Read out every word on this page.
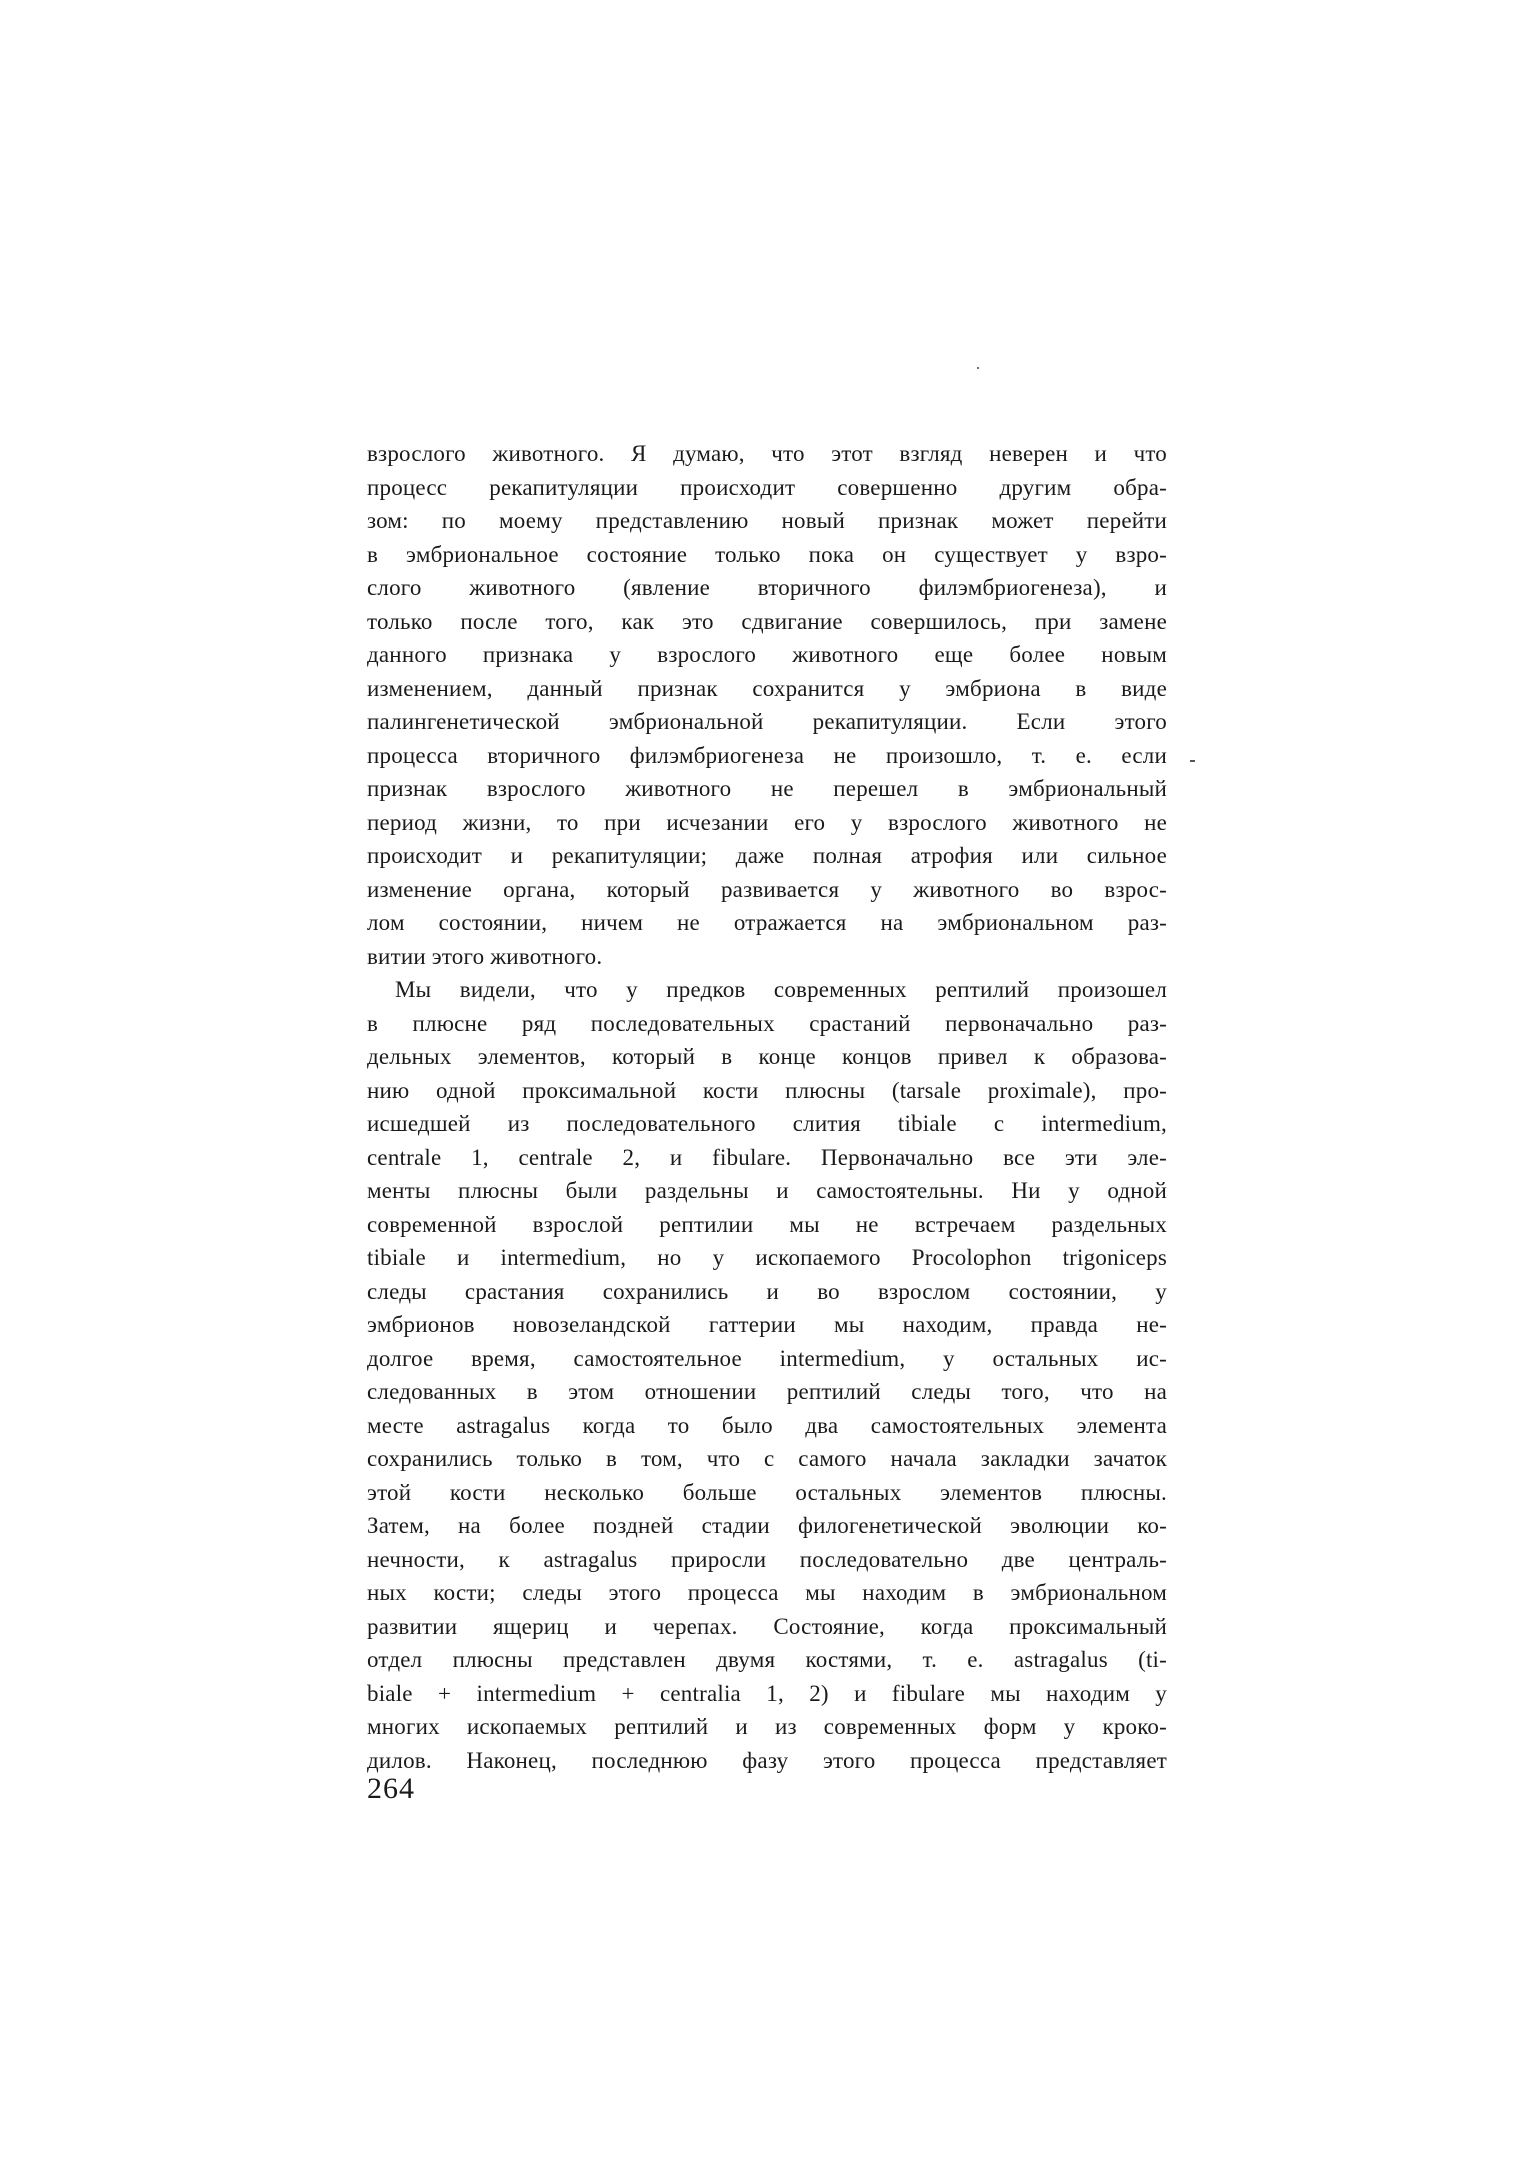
взрослого животного. Я думаю, что этот взгляд неверен и что
процесс рекапитуляции происходит совершенно другим обра-
зом: по моему представлению новый признак может перейти
в эмбриональное состояние только пока он существует у взро-
слого животного (явление вторичного филэмбриогенеза), и
только после того, как это сдвигание совершилось, при замене
данного признака у взрослого животного еще более новым
изменением, данный признак сохранится у эмбриона в виде
палингенетической эмбриональной рекапитуляции. Если этого
процесса вторичного филэмбриогенеза не произошло, т. е. если
признак взрослого животного не перешел в эмбриональный
период жизни, то при исчезании его у взрослого животного не
происходит и рекапитуляции; даже полная атрофия или сильное
изменение органа, который развивается у животного во взрос-
лом состоянии, ничем не отражается на эмбриональном раз-
витии этого животного.
Мы видели, что у предков современных рептилий произошел
в плюсне ряд последовательных срастаний первоначально раз-
дельных элементов, который в конце концов привел к образова-
нию одной проксимальной кости плюсны (tarsale proximale), про-
исшедшей из последовательного слития tibiale с intermedium,
centrale 1, centrale 2, и fibulare. Первоначально все эти эле-
менты плюсны были раздельны и самостоятельны. Ни у одной
современной взрослой рептилии мы не встречаем раздельных
tibiale и intermedium, но у ископаемого Procolophon trigoniceps
следы срастания сохранились и во взрослом состоянии, у
эмбрионов новозеландской гаттерии мы находим, правда не-
долгое время, самостоятельное intermedium, у остальных ис-
следованных в этом отношении рептилий следы того, что на
месте astragalus когда то было два самостоятельных элемента
сохранились только в том, что с самого начала закладки зачаток
этой кости несколько больше остальных элементов плюсны.
Затем, на более поздней стадии филогенетической эволюции ко-
нечности, к astragalus приросли последовательно две централь-
ных кости; следы этого процесса мы находим в эмбриональном
развитии ящериц и черепах. Состояние, когда проксимальный
отдел плюсны представлен двумя костями, т. е. astragalus (ti-
biale + intermedium + centralia 1, 2) и fibulare мы находим у
многих ископаемых рептилий и из современных форм у кроко-
дилов. Наконец, последнюю фазу этого процесса представляет
264
